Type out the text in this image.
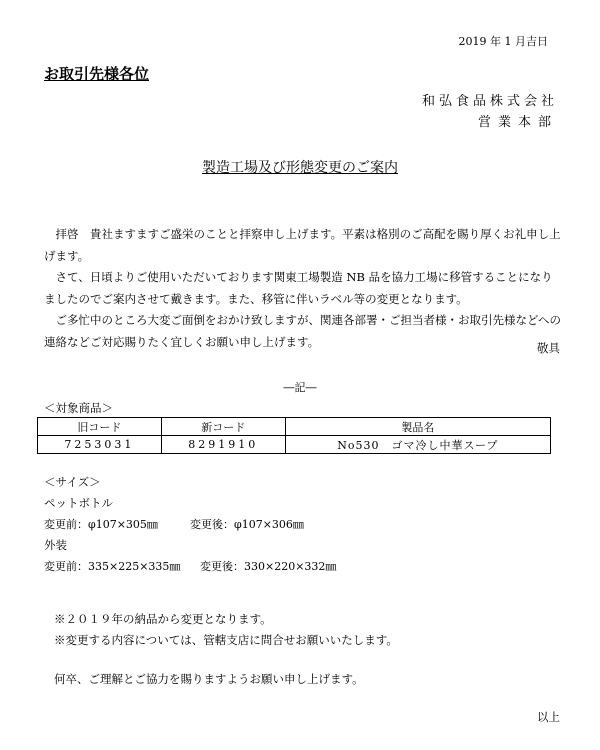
2019 年 1 月吉日
お取引先様各位
和弘食品株式会社
営業本部
製造工場及び形態変更のご案内

拝啓　貴社ますますご盛栄のことと拝察申し上げます。平素は格別のご高配を賜り厚くお礼申し上げます。

さて、日頃よりご使用いただいております関東工場製造 NB 品を協力工場に移管することになりましたのでご案内させて戴きます。また、移管に伴いラベル等の変更となります。

ご多忙中のところ大変ご面倒をおかけ致しますが、関連各部署・ご担当者様・お取引先様などへの連絡などご対応賜りたく宜しくお願い申し上げます。	敬具
―記―
＜対象商品＞
旧コード	新コード	製品名
7253031	8291910	No530　ゴマ冷し中華スープ
＜サイズ＞
ペットボトル
変更前：φ107×305㎜	変更後：φ107×306㎜
外装
変更前：335×225×335㎜ 変更後：330×220×332㎜
※２０１９年の納品から変更となります。
※変更する内容については、管轄支店に問合せお願いいたします。
何卒、ご理解とご協力を賜りますようお願い申し上げます。
以上
